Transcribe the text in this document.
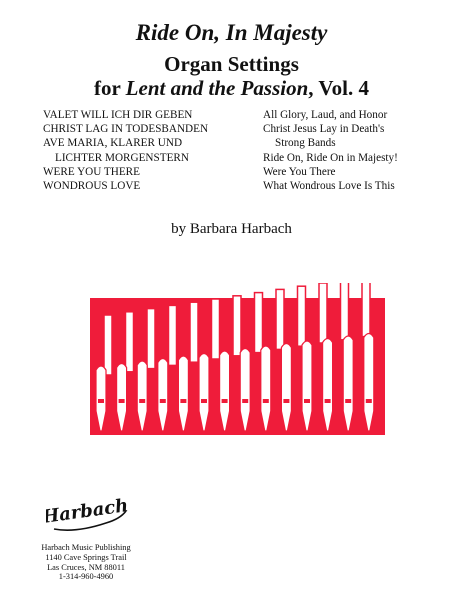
Ride On, In Majesty
Organ Settings
for Lent and the Passion, Vol. 4
VALET WILL ICH DIR GEBEN
CHRIST LAG IN TODESBANDEN
AVE MARIA, KLARER UND
LICHTER MORGENSTERN
WERE YOU THERE
WONDROUS LOVE
All Glory, Laud, and Honor
Christ Jesus Lay in Death's
Strong Bands
Ride On, Ride On in Majesty!
Were You There
What Wondrous Love Is This
by Barbara Harbach
Harbach
Harbach Music Publishing
1140 Cave Springs Trail
Las Cruces, NM 88011
1-314-960-4960
